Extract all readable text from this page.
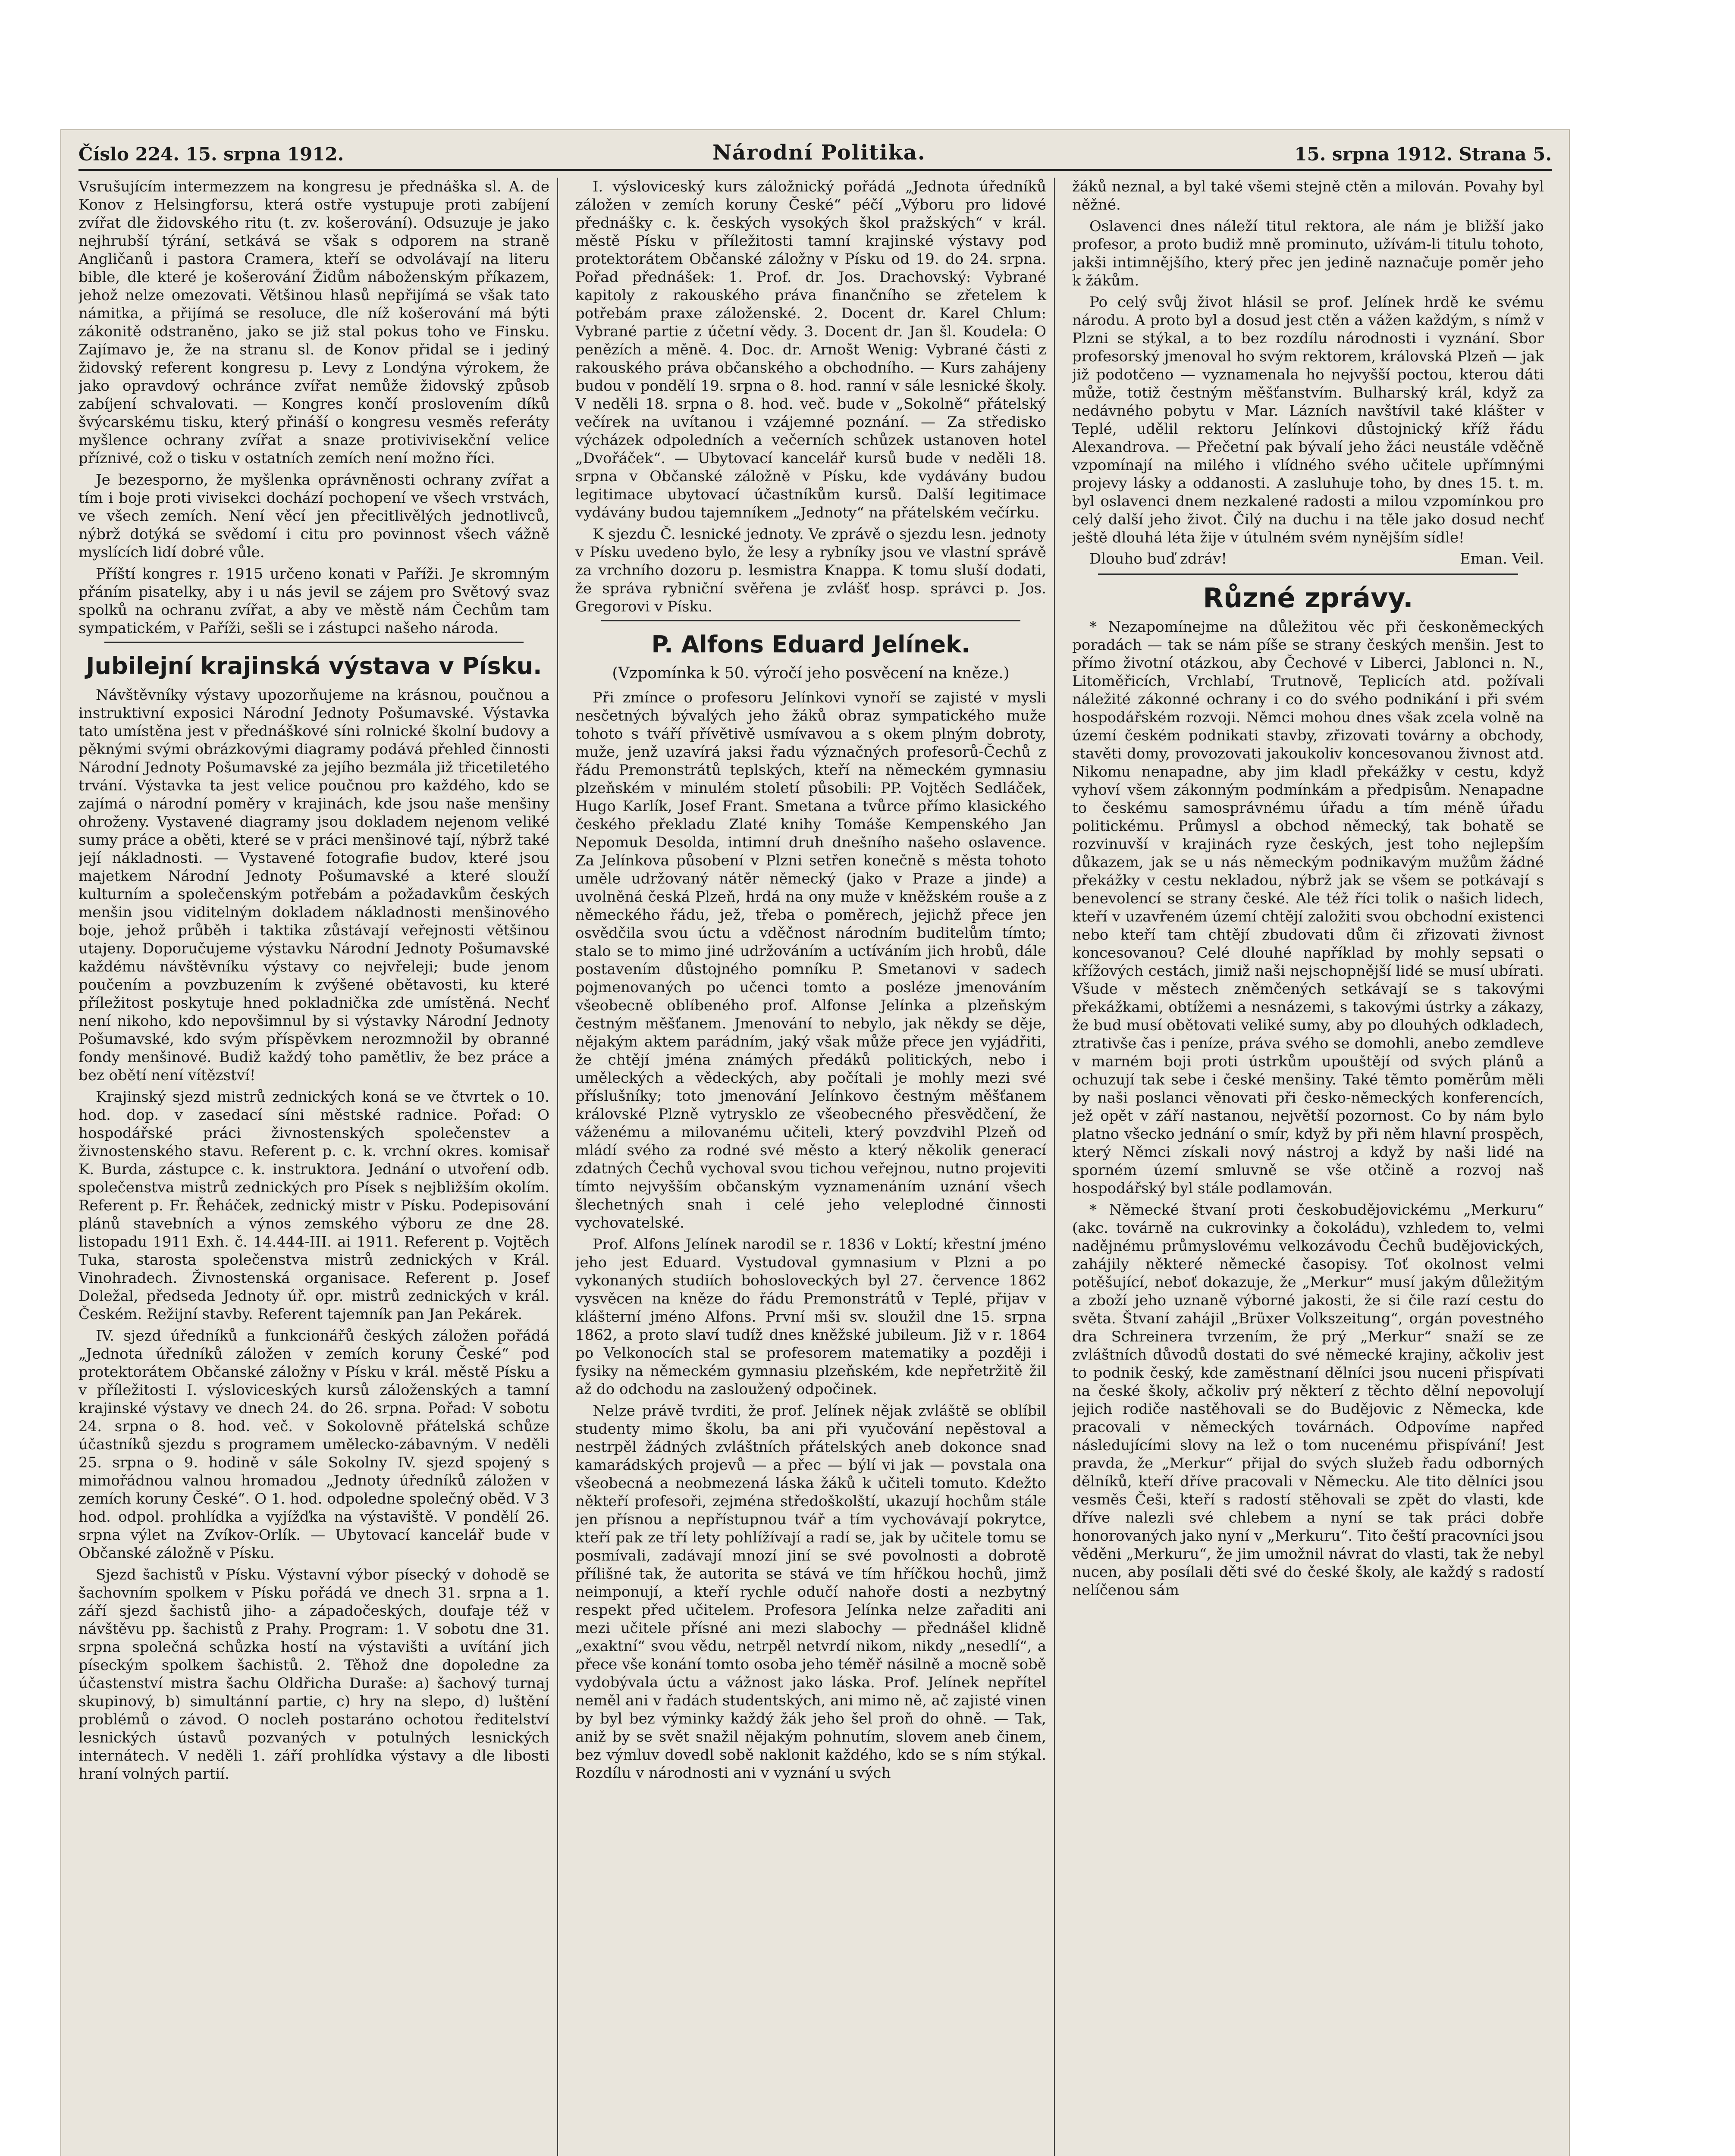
Číslo 224. 15. srpna 1912.	Národní Politika.	15. srpna 1912. Strana 5.

Vsrušujícím intermezzem na kongresu je přednáška sl. A. de Konov z Helsingforsu, která ostře vystupuje proti zabíjení zvířat dle židovského ritu (t. zv. košerování). Odsuzuje je jako nejhrubší týrání, setkává se však s odporem na straně Angličanů i pastora Cramera, kteří se odvolávají na literu bible, dle které je košerování Židům náboženským příkazem, jehož nelze omezovati. Většinou hlasů nepřijímá se však tato námitka, a přijímá se resoluce, dle níž košerování má býti zákonitě odstraněno, jako se již stal pokus toho ve Finsku. Zajímavo je, že na stranu sl. de Konov přidal se i jediný židovský referent kongresu p. Levy z Londýna výrokem, že jako opravdový ochránce zvířat nemůže židovský způsob zabíjení schvalovati. — Kongres končí proslovením díků švýcarskému tisku, který přináší o kongresu vesměs referáty myšlence ochrany zvířat a snaze protivivisekční velice příznivé, což o tisku v ostatních zemích není možno říci.

Je bezesporno, že myšlenka oprávněnosti ochrany zvířat a tím i boje proti vivisekci dochází pochopení ve všech vrstvách, ve všech zemích. Není věcí jen přecitlivělých jednotlivců, nýbrž dotýká se svědomí i citu pro povinnost všech vážně myslících lidí dobré vůle.

Příští kongres r. 1915 určeno konati v Paříži. Je skromným přáním pisatelky, aby i u nás jevil se zájem pro Světový svaz spolků na ochranu zvířat, a aby ve městě nám Čechům tam sympatickém, v Paříži, sešli se i zástupci našeho národa.

Jubilejní krajinská výstava v Písku.

Návštěvníky výstavy upozorňujeme na krásnou, poučnou a instruktivní exposici Národní Jednoty Pošumavské. Výstavka tato umístěna jest v přednáškové síni rolnické školní budovy a pěknými svými obrázkovými diagramy podává přehled činnosti Národní Jednoty Pošumavské za jejího bezmála již třicetiletého trvání. Výstavka ta jest velice poučnou pro každého, kdo se zajímá o národní poměry v krajinách, kde jsou naše menšiny ohroženy. Vystavené diagramy jsou dokladem nejenom veliké sumy práce a oběti, které se v práci menšinové tají, nýbrž také její nákladnosti. — Vystavené fotografie budov, které jsou majetkem Národní Jednoty Pošumavské a které slouží kulturním a společenským potřebám a požadavkům českých menšin jsou viditelným dokladem nákladnosti menšinového boje, jehož průběh i taktika zůstávají veřejnosti většinou utajeny. Doporučujeme výstavku Národní Jednoty Pošumavské každému návštěvníku výstavy co nejvřeleji; bude jenom poučením a povzbuzením k zvýšené obětavosti, ku které příležitost poskytuje hned pokladnička zde umístěná. Nechť není nikoho, kdo nepovšimnul by si výstavky Národní Jednoty Pošumavské, kdo svým příspěvkem nerozmnožil by obranné fondy menšinové. Budiž každý toho pamětliv, že bez práce a bez obětí není vítězství!

Krajinský sjezd mistrů zednických koná se ve čtvrtek o 10. hod. dop. v zasedací síni městské radnice. Pořad: O hospodářské práci živnostenských společenstev a živnostenského stavu. Referent p. c. k. vrchní okres. komisař K. Burda, zástupce c. k. instruktora. Jednání o utvoření odb. společenstva mistrů zednických pro Písek s nejbližším okolím. Referent p. Fr. Řeháček, zednický mistr v Písku. Podepisování plánů stavebních a výnos zemského výboru ze dne 28. listopadu 1911 Exh. č. 14.444-III. ai 1911. Referent p. Vojtěch Tuka, starosta společenstva mistrů zednických v Král. Vinohradech. Živnostenská organisace. Referent p. Josef Doležal, předseda Jednoty úř. opr. mistrů zednických v král. Českém. Režijní stavby. Referent tajemník pan Jan Pekárek.

IV. sjezd úředníků a funkcionářů českých záložen pořádá „Jednota úředníků záložen v zemích koruny České“ pod protektorátem Občanské záložny v Písku v král. městě Písku a v příležitosti I. výsloviceských kursů záloženských a tamní krajinské výstavy ve dnech 24. do 26. srpna. Pořad: V sobotu 24. srpna o 8. hod. več. v Sokolovně přátelská schůze účastníků sjezdu s programem umělecko-zábavným. V neděli 25. srpna o 9. hodině v sále Sokolny IV. sjezd spojený s mimořádnou valnou hromadou „Jednoty úředníků záložen v zemích koruny České“. O 1. hod. odpoledne společný oběd. V 3 hod. odpol. prohlídka a vyjížďka na výstaviště. V pondělí 26. srpna výlet na Zvíkov-Orlík. — Ubytovací kancelář bude v Občanské záložně v Písku.

Sjezd šachistů v Písku. Výstavní výbor písecký v dohodě se šachovním spolkem v Písku pořádá ve dnech 31. srpna a 1. září sjezd šachistů jiho- a západočeských, doufaje též v návštěvu pp. šachistů z Prahy. Program: 1. V sobotu dne 31. srpna společná schůzka hostí na výstavišti a uvítání jich píseckým spolkem šachistů. 2. Těhož dne dopoledne za účastenství mistra šachu Oldřicha Duraše: a) šachový turnaj skupinový, b) simultánní partie, c) hry na slepo, d) luštění problémů o závod. O nocleh postaráno ochotou ředitelství lesnických ústavů pozvaných v potulných lesnických internátech. V neděli 1. září prohlídka výstavy a dle libosti hraní volných partií.

I. výsloviceský kurs záložnický pořádá „Jednota úředníků záložen v zemích koruny České“ péčí „Výboru pro lidové přednášky c. k. českých vysokých škol pražských“ v král. městě Písku v příležitosti tamní krajinské výstavy pod protektorátem Občanské záložny v Písku od 19. do 24. srpna. Pořad přednášek: 1. Prof. dr. Jos. Drachovský: Vybrané kapitoly z rakouského práva finančního se zřetelem k potřebám praxe záloženské. 2. Docent dr. Karel Chlum: Vybrané partie z účetní vědy. 3. Docent dr. Jan šl. Koudela: O penězích a měně. 4. Doc. dr. Arnošt Wenig: Vybrané části z rakouského práva občanského a obchodního. — Kurs zahájeny budou v pondělí 19. srpna o 8. hod. ranní v sále lesnické školy. V neděli 18. srpna o 8. hod. več. bude v „Sokolně“ přátelský večírek na uvítanou i vzájemné poznání. — Za středisko výcházek odpoledních a večerních schůzek ustanoven hotel „Dvořáček“. — Ubytovací kancelář kursů bude v neděli 18. srpna v Občanské záložně v Písku, kde vydávány budou legitimace ubytovací účastníkům kursů. Další legitimace vydávány budou tajemníkem „Jednoty“ na přátelském večírku.

K sjezdu Č. lesnické jednoty. Ve zprávě o sjezdu lesn. jednoty v Písku uvedeno bylo, že lesy a rybníky jsou ve vlastní správě za vrchního dozoru p. lesmistra Knappa. K tomu sluší dodati, že správa rybniční svěřena je zvlášť hosp. správci p. Jos. Gregorovi v Písku.

P. Alfons Eduard Jelínek.
(Vzpomínka k 50. výročí jeho posvěcení na kněze.)

Při zmínce o profesoru Jelínkovi vynoří se zajisté v mysli nesčetných bývalých jeho žáků obraz sympatického muže tohoto s tváří přívětivě usmívavou a s okem plným dobroty, muže, jenž uzavírá jaksi řadu význačných profesorů-Čechů z řádu Premonstrátů teplských, kteří na německém gymnasiu plzeňském v minulém století působili: PP. Vojtěch Sedláček, Hugo Karlík, Josef Frant. Smetana a tvůrce přímo klasického českého překladu Zlaté knihy Tomáše Kempenského Jan Nepomuk Desolda, intimní druh dnešního našeho oslavence. Za Jelínkova působení v Plzni setřen konečně s města tohoto uměle udržovaný nátěr německý (jako v Praze a jinde) a uvolněná česká Plzeň, hrdá na ony muže v kněžském rouše a z německého řádu, jež, třeba o poměrech, jejichž přece jen osvědčila svou úctu a vděčnost národním buditelům tímto; stalo se to mimo jiné udržováním a uctíváním jich hrobů, dále postavením důstojného pomníku P. Smetanovi v sadech pojmenovaných po učenci tomto a posléze jmenováním všeobecně oblíbeného prof. Alfonse Jelínka a plzeňským čestným měšťanem. Jmenování to nebylo, jak někdy se děje, nějakým aktem parádním, jaký však může přece jen vyjádřiti, že chtějí jména známých předáků politických, nebo i uměleckých a vědeckých, aby počítali je mohly mezi své příslušníky; toto jmenování Jelínkovo čestným měšťanem královské Plzně vytrysklo ze všeobecného přesvědčení, že váženému a milovanému učiteli, který povzdvihl Plzeň od mládí svého za rodné své město a který několik generací zdatných Čechů vychoval svou tichou veřejnou, nutno projeviti tímto nejvyšším občanským vyznamenáním uznání všech šlechetných snah i celé jeho veleplodné činnosti vychovatelské.

Prof. Alfons Jelínek narodil se r. 1836 v Loktí; křestní jméno jeho jest Eduard. Vystudoval gymnasium v Plzni a po vykonaných studiích bohosloveckých byl 27. července 1862 vysvěcen na kněze do řádu Premonstrátů v Teplé, přijav v klášterní jméno Alfons. První mši sv. sloužil dne 15. srpna 1862, a proto slaví tudíž dnes kněžské jubileum. Již v r. 1864 po Velkonocích stal se profesorem matematiky a později i fysiky na německém gymnasiu plzeňském, kde nepřetržitě žil až do odchodu na zasloužený odpočinek.

Nelze právě tvrditi, že prof. Jelínek nějak zvláště se oblíbil studenty mimo školu, ba ani při vyučování nepěstoval a nestrpěl žádných zvláštních přátelských aneb dokonce snad kamarádských projevů — a přec — býlí vi jak — povstala ona všeobecná a neobmezená láska žáků k učiteli tomuto. Kdežto někteří profesoři, zejména středoškolští, ukazují hochům stále jen přísnou a nepřístupnou tvář a tím vychovávají pokrytce, kteří pak ze tří lety pohlížívají a radí se, jak by učitele tomu se posmívali, zadávají mnozí jiní se své povolnosti a dobrotě přílišné tak, že autorita se stává ve tím hříčkou hochů, jimž neimponují, a kteří rychle odučí nahoře dosti a nezbytný respekt před učitelem. Profesora Jelínka nelze zařaditi ani mezi učitele přísné ani mezi slabochy — přednášel klidně „exaktní“ svou vědu, netrpěl netvrdí nikom, nikdy „nesedlí“, a přece vše konání tomto osoba jeho téměř násilně a mocně sobě vydobývala úctu a vážnost jako láska. Prof. Jelínek nepřítel neměl ani v řadách studentských, ani mimo ně, ač zajisté vinen by byl bez výminky každý žák jeho šel proň do ohně. — Tak, aniž by se svět snažil nějakým pohnutím, slovem aneb činem, bez výmluv dovedl sobě naklonit každého, kdo se s ním stýkal. Rozdílu v národnosti ani v vyznání u svých

žáků neznal, a byl také všemi stejně ctěn a milován. Povahy byl něžné.

Oslavenci dnes náleží titul rektora, ale nám je bližší jako profesor, a proto budiž mně prominuto, užívám-li titulu tohoto, jakši intimnějšího, který přec jen jedině naznačuje poměr jeho k žákům.

Po celý svůj život hlásil se prof. Jelínek hrdě ke svému národu. A proto byl a dosud jest ctěn a vážen každým, s nímž v Plzni se stýkal, a to bez rozdílu národnosti i vyznání. Sbor profesorský jmenoval ho svým rektorem, královská Plzeň — jak již podotčeno — vyznamenala ho nejvyšší poctou, kterou dáti může, totiž čestným měšťanstvím. Bulharský král, když za nedávného pobytu v Mar. Lázních navštívil také klášter v Teplé, udělil rektoru Jelínkovi důstojnický kříž řádu Alexandrova. — Přečetní pak bývalí jeho žáci neustále vděčně vzpomínají na milého i vlídného svého učitele upřímnými projevy lásky a oddanosti. A zasluhuje toho, by dnes 15. t. m. byl oslavenci dnem nezkalené radosti a milou vzpomínkou pro celý další jeho život. Čilý na duchu i na těle jako dosud nechť ještě dlouhá léta žije v útulném svém nynějším sídle!

Dlouho buď zdráv!	Eman. Veil.
Různé zprávy.

* Nezapomínejme na důležitou věc při českoněmeckých poradách — tak se nám píše se strany českých menšin. Jest to přímo životní otázkou, aby Čechové v Liberci, Jablonci n. N., Litoměřicích, Vrchlabí, Trutnově, Teplicích atd. požívali náležité zákonné ochrany i co do svého podnikání i při svém hospodářském rozvoji. Němci mohou dnes však zcela volně na území českém podnikati stavby, zřizovati továrny a obchody, stavěti domy, provozovati jakoukoliv koncesovanou živnost atd. Nikomu nenapadne, aby jim kladl překážky v cestu, když vyhoví všem zákonným podmínkám a předpisům. Nenapadne to českému samosprávnému úřadu a tím méně úřadu politickému. Průmysl a obchod německý, tak bohatě se rozvinuvší v krajinách ryze českých, jest toho nejlepším důkazem, jak se u nás německým podnikavým mužům žádné překážky v cestu nekladou, nýbrž jak se všem se potkávají s benevolencí se strany české. Ale též říci tolik o našich lidech, kteří v uzavřeném území chtějí založiti svou obchodní existenci nebo kteří tam chtějí zbudovati dům či zřizovati živnost koncesovanou? Celé dlouhé například by mohly sepsati o křížových cestách, jimiž naši nejschopnější lidé se musí ubírati. Všude v městech zněmčených setkávají se s takovými překážkami, obtížemi a nesnázemi, s takovými ústrky a zákazy, že bud musí obětovati veliké sumy, aby po dlouhých odkladech, ztrativše čas i peníze, práva svého se domohli, anebo zemdleve v marném boji proti ústrkům upouštějí od svých plánů a ochuzují tak sebe i české menšiny. Také těmto poměrům měli by naši poslanci věnovati při česko-německých konferencích, jež opět v září nastanou, největší pozornost. Co by nám bylo platno všecko jednání o smír, když by při něm hlavní prospěch, který Němci získali nový nástroj a když by naši lidé na sporném území smluvně se vše otčině a rozvoj naš hospodářský byl stále podlamován.

* Německé štvaní proti českobudějovickému „Merkuru“ (akc. továrně na cukrovinky a čokoládu), vzhledem to, velmi nadějnému průmyslovému velkozávodu Čechů budějovických, zahájily některé německé časopisy. Toť okolnost velmi potěšující, neboť dokazuje, že „Merkur“ musí jakým důležitým a zboží jeho uznaně výborné jakosti, že si čile razí cestu do světa. Štvaní zahájil „Brüxer Volkszeitung“, orgán povestného dra Schreinera tvrzením, že prý „Merkur“ snaží se ze zvláštních důvodů dostati do své německé krajiny, ačkoliv jest to podnik český, kde zaměstnaní dělníci jsou nuceni přispívati na české školy, ačkoliv prý některí z těchto dělní nepovolují jejich rodiče nastěhovali se do Budějovic z Německa, kde pracovali v německých továrnách. Odpovíme napřed následujícími slovy na lež o tom nucenému přispívání! Jest pravda, že „Merkur“ přijal do svých služeb řadu odborných dělníků, kteří dříve pracovali v Německu. Ale tito dělníci jsou vesměs Češi, kteří s radostí stěhovali se zpět do vlasti, kde dříve nalezli své chlebem a nyní se tak práci dobře honorovaných jako nyní v „Merkuru“. Tito čeští pracovníci jsou věděni „Merkuru“, že jim umožnil návrat do vlasti, tak že nebyl nucen, aby posílali děti své do české školy, ale každý s radostí nelíčenou sám
